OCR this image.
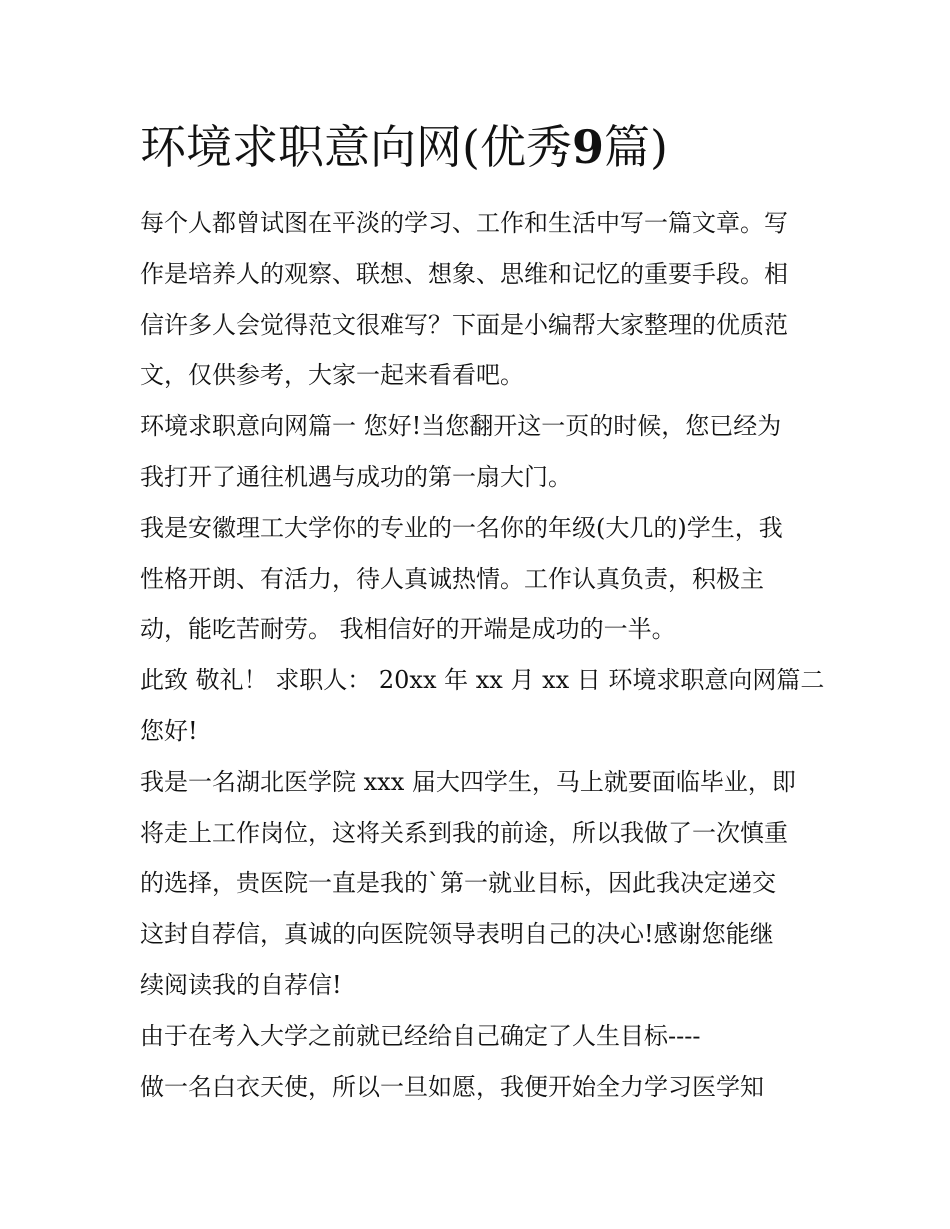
环境求职意向网(优秀9篇)

每个人都曾试图在平淡的学习、工作和生活中写一篇文章。写

作是培养人的观察、联想、想象、思维和记忆的重要手段。相

信许多人会觉得范文很难写？下面是小编帮大家整理的优质范

文，仅供参考，大家一起来看看吧。

环境求职意向网篇一 您好!当您翻开这一页的时候，您已经为

我打开了通往机遇与成功的第一扇大门。

我是安徽理工大学你的专业的一名你的年级(大几的)学生，我

性格开朗、有活力，待人真诚热情。工作认真负责，积极主

动，能吃苦耐劳。 我相信好的开端是成功的一半。

此致 敬礼！ 求职人： 20xx 年 xx 月 xx 日 环境求职意向网篇二

您好!

我是一名湖北医学院 xxx 届大四学生，马上就要面临毕业，即

将走上工作岗位，这将关系到我的前途，所以我做了一次慎重

的选择，贵医院一直是我的`第一就业目标，因此我决定递交

这封自荐信，真诚的向医院领导表明自己的决心!感谢您能继

续阅读我的自荐信!

由于在考入大学之前就已经给自己确定了人生目标----

做一名白衣天使，所以一旦如愿，我便开始全力学习医学知
